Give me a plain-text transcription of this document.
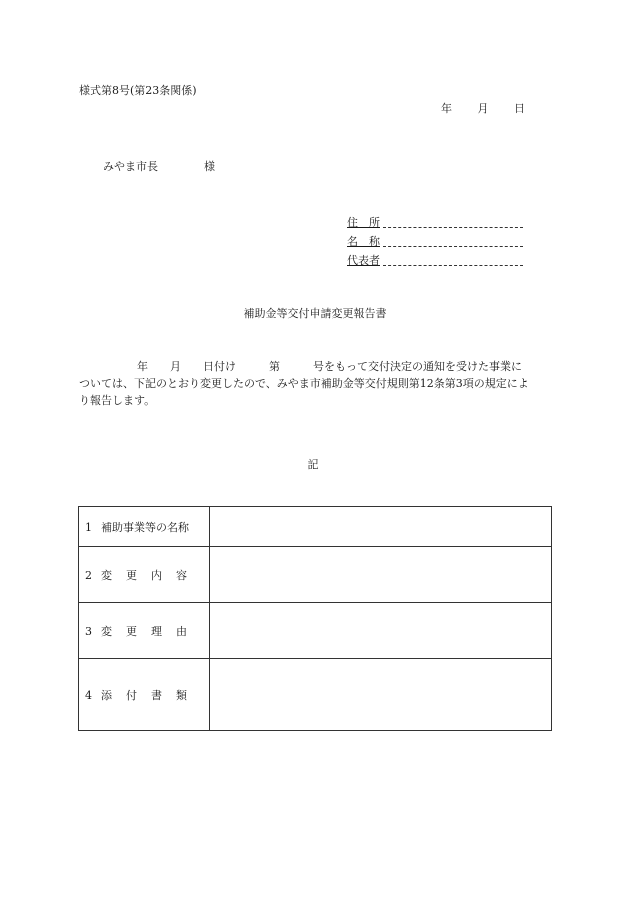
様式第8号(第23条関係)
年 月 日
みやま市長	様
住　所
名　称
代表者
補助金等交付申請変更報告書
年　　月　　日付け　　　第　　　号をもって交付決定の通知を受けた事業に
ついては、下記のとおり変更したので、みやま市補助金等交付規則第12条第3項の規定によ
り報告します。
記
1 補助事業等の名称	
2 変更内容	
3 変更理由	
4 添付書類	
